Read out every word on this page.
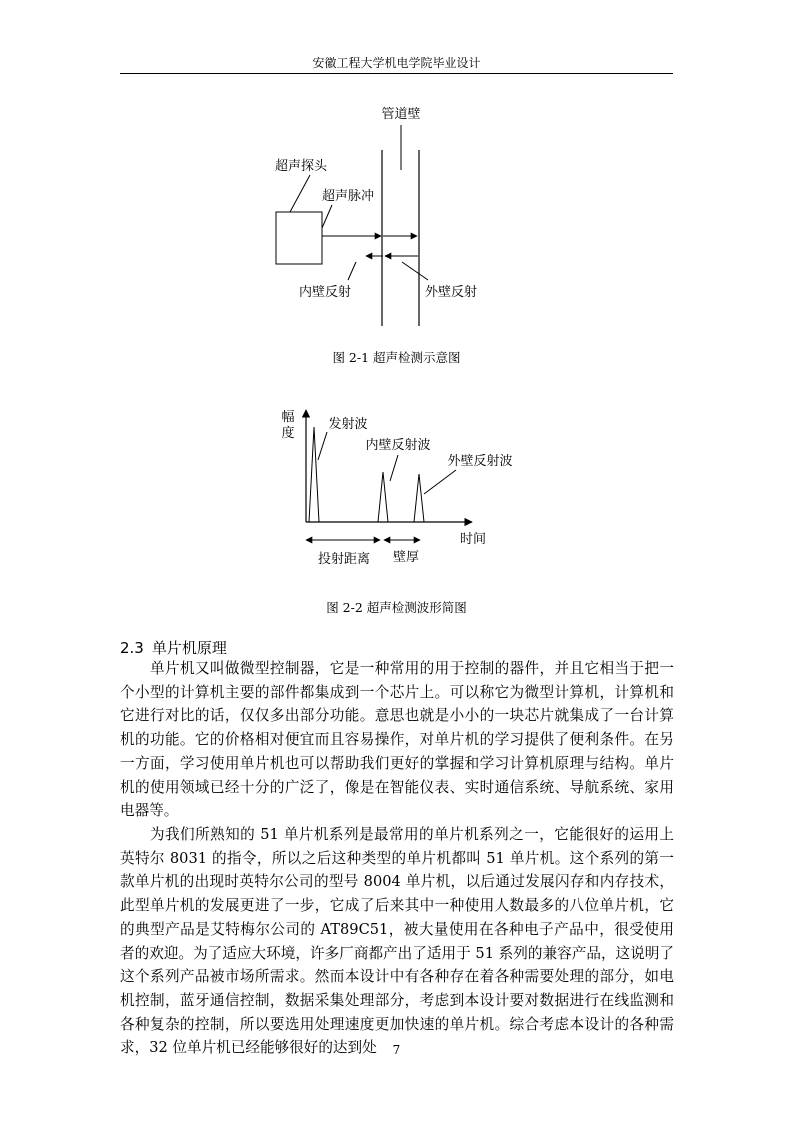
安徽工程大学机电学院毕业设计
管道壁
超声探头
超声脉冲
内壁反射	外壁反射
图 2-1 超声检测示意图
幅
度
发射波
内壁反射波
外壁反射波
时间
投射距离 壁厚
图 2-2 超声检测波形简图
2.3 单片机原理

单片机又叫做微型控制器，它是一种常用的用于控制的器件，并且它相当于把一个小型的计算机主要的部件都集成到一个芯片上。可以称它为微型计算机，计算机和它进行对比的话，仅仅多出部分功能。意思也就是小小的一块芯片就集成了一台计算机的功能。它的价格相对便宜而且容易操作，对单片机的学习提供了便利条件。在另一方面，学习使用单片机也可以帮助我们更好的掌握和学习计算机原理与结构。单片机的使用领域已经十分的广泛了，像是在智能仪表、实时通信系统、导航系统、家用电器等。

为我们所熟知的 51 单片机系列是最常用的单片机系列之一，它能很好的运用上英特尔 8031 的指令，所以之后这种类型的单片机都叫 51 单片机。这个系列的第一款单片机的出现时英特尔公司的型号 8004 单片机，以后通过发展闪存和内存技术，此型单片机的发展更进了一步，它成了后来其中一种使用人数最多的八位单片机，它的典型产品是艾特梅尔公司的 AT89C51，被大量使用在各种电子产品中，很受使用者的欢迎。为了适应大环境，许多厂商都产出了适用于 51 系列的兼容产品，这说明了这个系列产品被市场所需求。然而本设计中有各种存在着各种需要处理的部分，如电机控制，蓝牙通信控制，数据采集处理部分，考虑到本设计要对数据进行在线监测和各种复杂的控制，所以要选用处理速度更加快速的单片机。综合考虑本设计的各种需求，32 位单片机已经能够很好的达到处	7
